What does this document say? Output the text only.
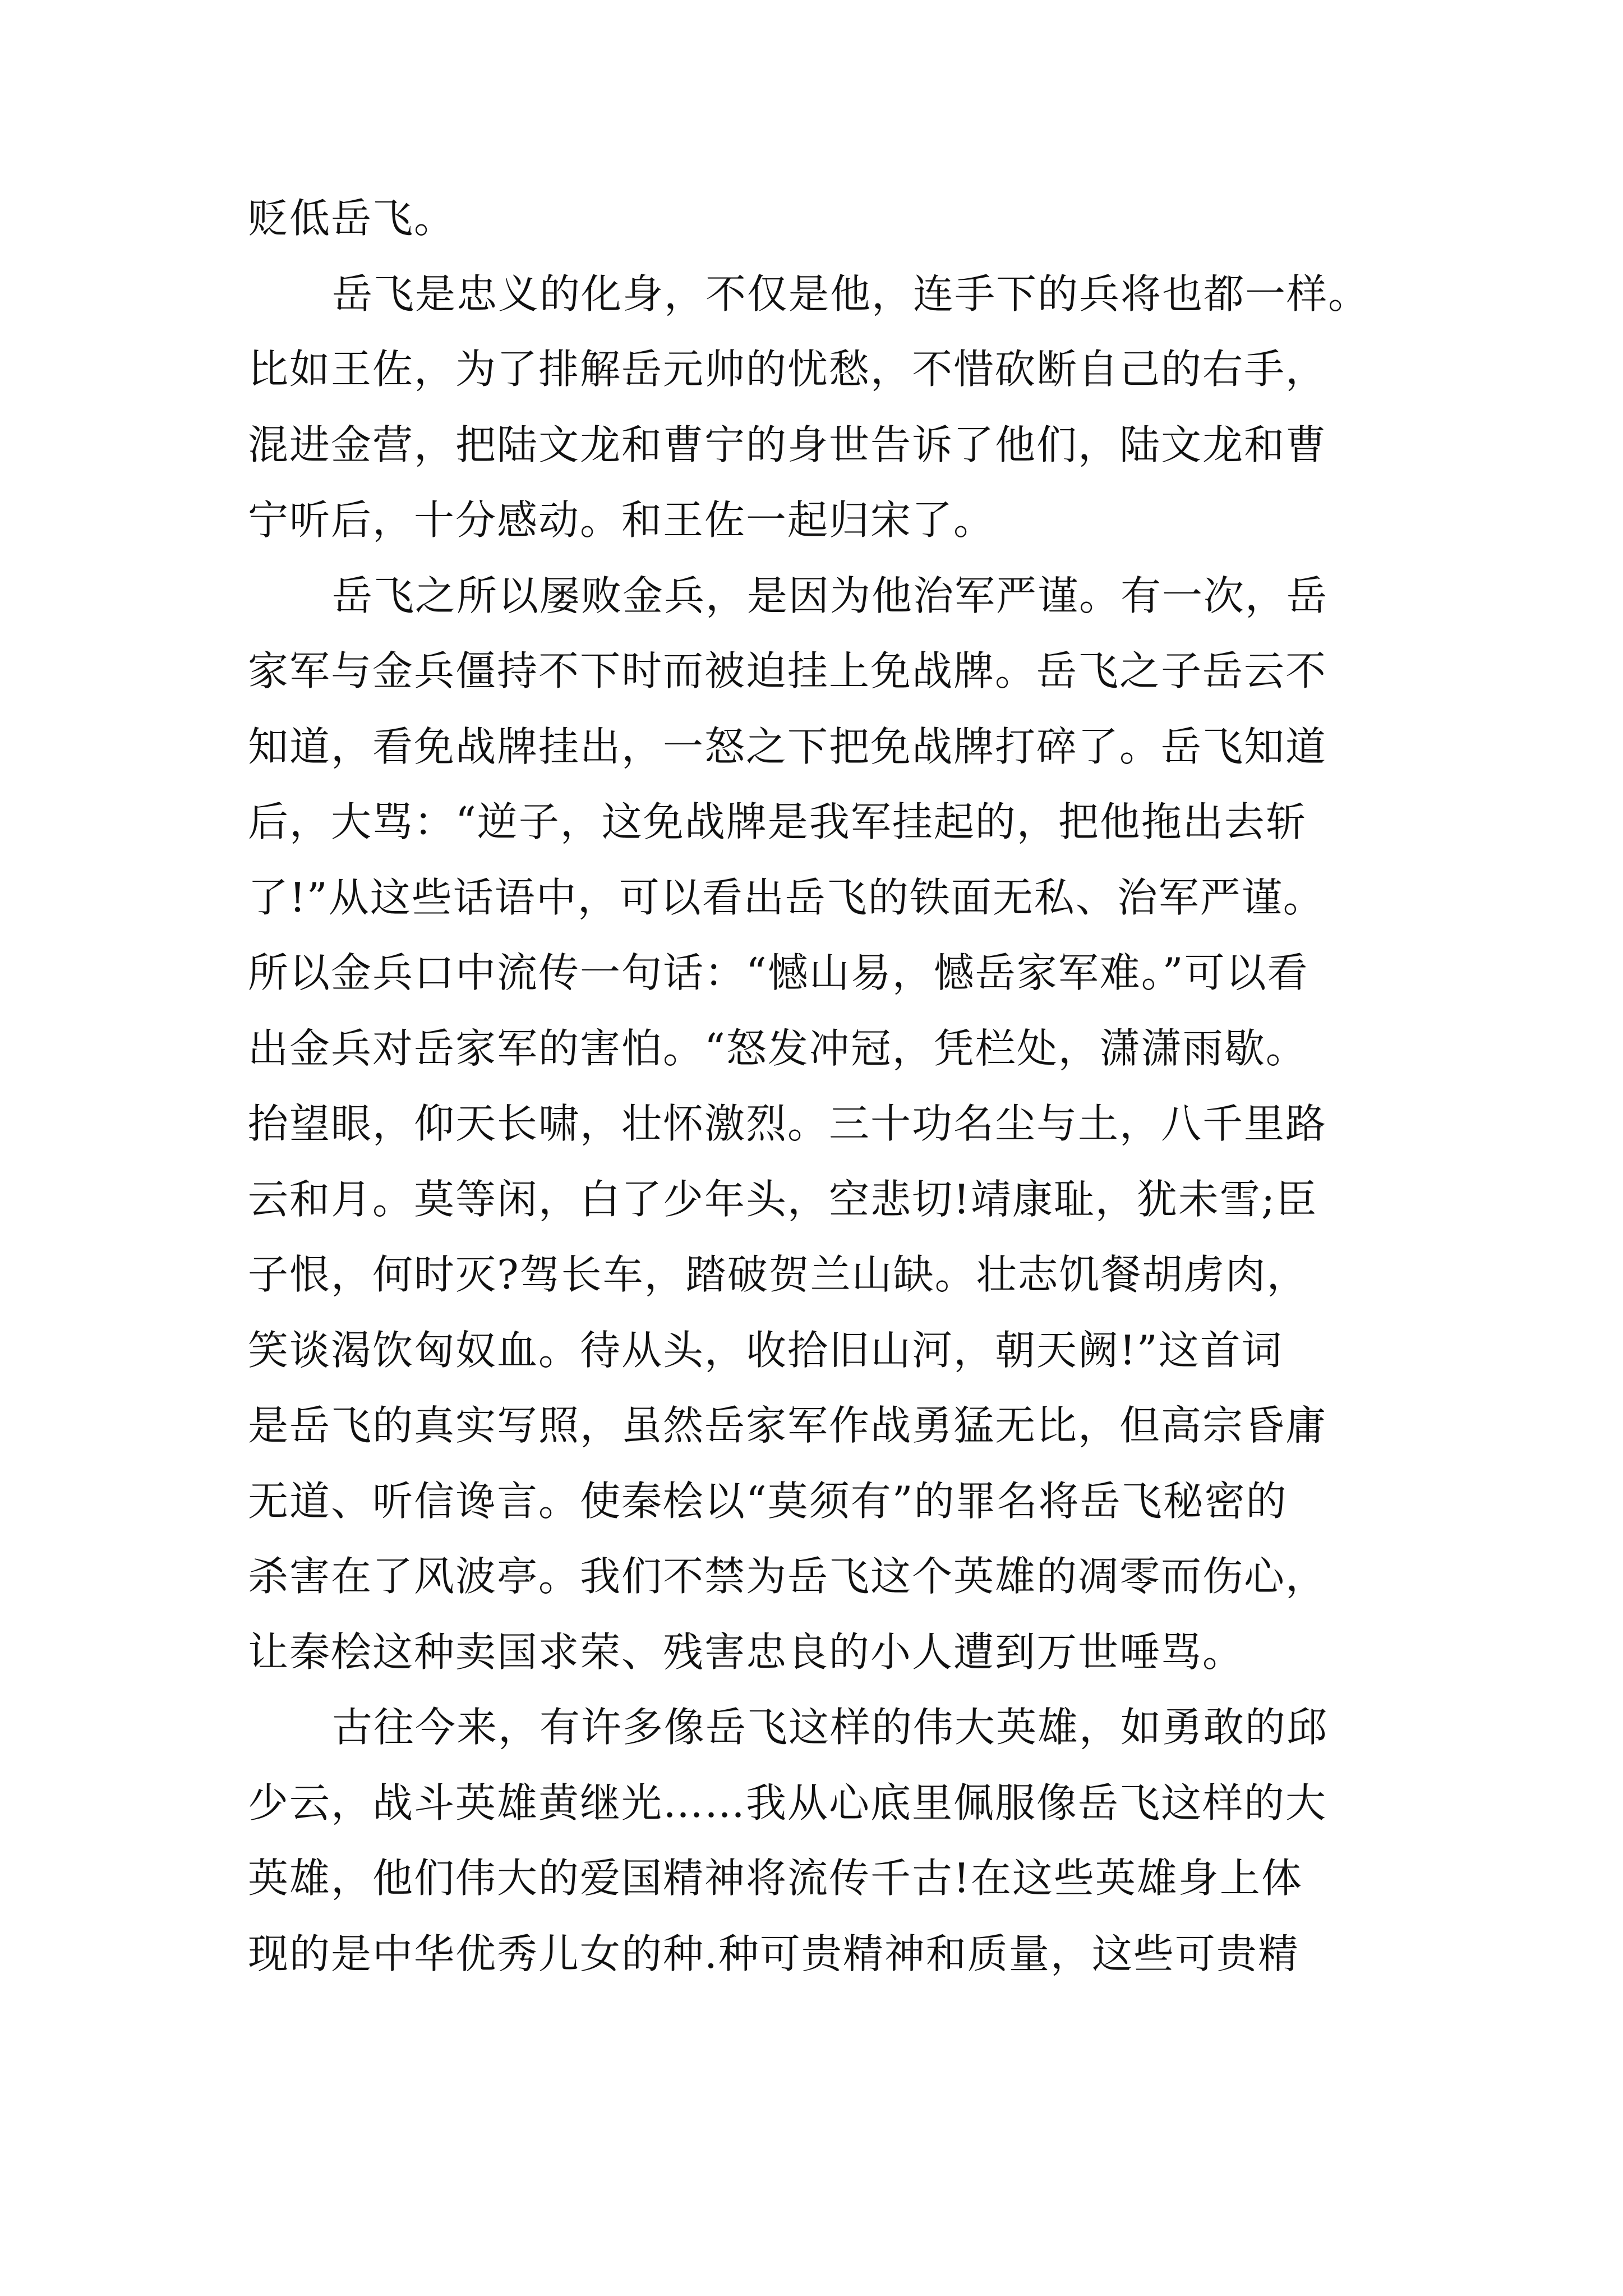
贬低岳飞。
岳飞是忠义的化身，不仅是他，连手下的兵将也都一样。
比如王佐，为了排解岳元帅的忧愁，不惜砍断自己的右手，
混进金营，把陆文龙和曹宁的身世告诉了他们，陆文龙和曹
宁听后，十分感动。和王佐一起归宋了。
岳飞之所以屡败金兵，是因为他治军严谨。有一次，岳
家军与金兵僵持不下时而被迫挂上免战牌。岳飞之子岳云不
知道，看免战牌挂出，一怒之下把免战牌打碎了。岳飞知道
后，大骂：“逆子，这免战牌是我军挂起的，把他拖出去斩
了!”从这些话语中，可以看出岳飞的铁面无私、治军严谨。
所以金兵口中流传一句话：“憾山易，憾岳家军难。”可以看
出金兵对岳家军的害怕。“怒发冲冠，凭栏处，潇潇雨歇。
抬望眼，仰天长啸，壮怀激烈。三十功名尘与土，八千里路
云和月。莫等闲，白了少年头，空悲切!靖康耻，犹未雪;臣
子恨，何时灭?驾长车，踏破贺兰山缺。壮志饥餐胡虏肉，
笑谈渴饮匈奴血。待从头，收拾旧山河，朝天阙!”这首词
是岳飞的真实写照，虽然岳家军作战勇猛无比，但高宗昏庸
无道、听信谗言。使秦桧以“莫须有”的罪名将岳飞秘密的
杀害在了风波亭。我们不禁为岳飞这个英雄的凋零而伤心，
让秦桧这种卖国求荣、残害忠良的小人遭到万世唾骂。
古往今来，有许多像岳飞这样的伟大英雄，如勇敢的邱
少云，战斗英雄黄继光……我从心底里佩服像岳飞这样的大
英雄，他们伟大的爱国精神将流传千古!在这些英雄身上体
现的是中华优秀儿女的种.种可贵精神和质量，这些可贵精
